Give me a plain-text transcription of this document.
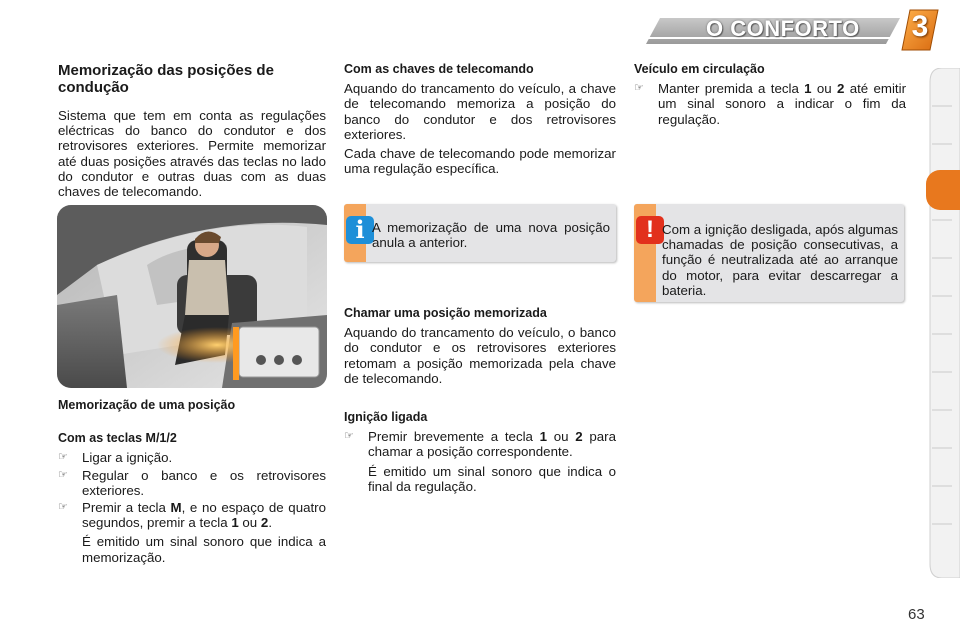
O CONFORTO	3
Memorização das posições de condução

Sistema que tem em conta as regulações eléctricas do banco do condutor e dos retrovisores exteriores. Permite memorizar até duas posições através das teclas no lado do condutor e outras duas com as duas chaves de telecomando.

Memorização de uma posição
Com as teclas M/1/2
☞	Ligar a ignição.
☞	Regular o banco e os retrovisores exteriores.
☞	Premir a tecla M, e no espaço de quatro segundos, premir a tecla 1 ou 2.

É emitido um sinal sonoro que indica a memorização.

Com as chaves de telecomando

Aquando do trancamento do veículo, a chave de telecomando memoriza a posição do banco do condutor e dos retrovisores exteriores.

Cada chave de telecomando pode memorizar uma regulação específica.

i A memorização de uma nova posição anula a anterior.
Chamar uma posição memorizada

Aquando do trancamento do veículo, o banco do condutor e os retrovisores exteriores retomam a posição memorizada pela chave de telecomando.

Ignição ligada
☞	Premir brevemente a tecla 1 ou 2 para chamar a posição correspondente.

É emitido um sinal sonoro que indica o final da regulação.

Veículo em circulação
☞	Manter premida a tecla 1 ou 2 até emitir um sinal sonoro a indicar o fim da regulação.
! Com a ignição desligada, após algumas chamadas de posição consecutivas, a função é neutralizada até ao arranque do motor, para evitar descarregar a bateria.
63
